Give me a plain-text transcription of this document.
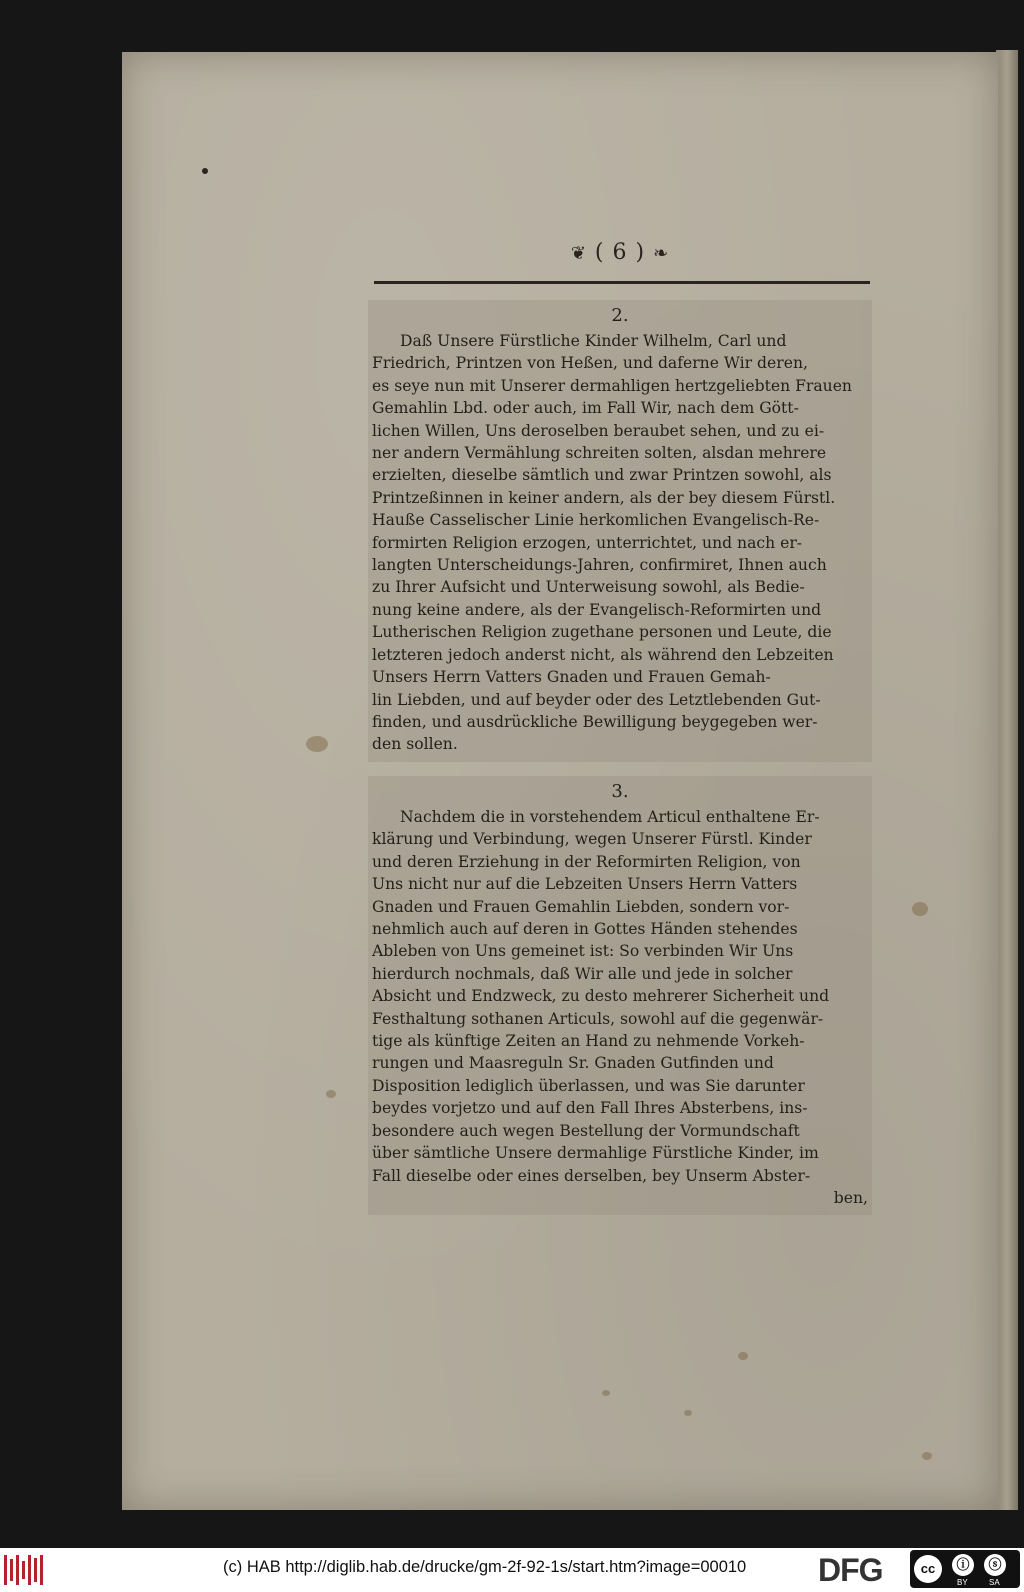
❦ ( 6 ) ❧
2.
Daß Unsere Fürstliche Kinder Wilhelm, Carl und
Friedrich, Printzen von Heßen, und daferne Wir deren,
es seye nun mit Unserer dermahligen hertzgeliebten Frauen
Gemahlin Lbd. oder auch, im Fall Wir, nach dem Gött-
lichen Willen, Uns deroselben beraubet sehen, und zu ei-
ner andern Vermählung schreiten solten, alsdan mehrere
erzielten, dieselbe sämtlich und zwar Printzen sowohl, als
Printzeßinnen in keiner andern, als der bey diesem Fürstl.
Hauße Casselischer Linie herkomlichen Evangelisch-Re-
formirten Religion erzogen, unterrichtet, und nach er-
langten Unterscheidungs-Jahren, confirmiret, Ihnen auch
zu Ihrer Aufsicht und Unterweisung sowohl, als Bedie-
nung keine andere, als der Evangelisch-Reformirten und
Lutherischen Religion zugethane personen und Leute, die
letzteren jedoch anderst nicht, als während den Lebzeiten
Unsers Herrn Vatters Gnaden und Frauen Gemah-
lin Liebden, und auf beyder oder des Letztlebenden Gut-
finden, und ausdrückliche Bewilligung beygegeben wer-
den sollen.
3.
Nachdem die in vorstehendem Articul enthaltene Er-
klärung und Verbindung, wegen Unserer Fürstl. Kinder
und deren Erziehung in der Reformirten Religion, von
Uns nicht nur auf die Lebzeiten Unsers Herrn Vatters
Gnaden und Frauen Gemahlin Liebden, sondern vor-
nehmlich auch auf deren in Gottes Händen stehendes
Ableben von Uns gemeinet ist: So verbinden Wir Uns
hierdurch nochmals, daß Wir alle und jede in solcher
Absicht und Endzweck, zu desto mehrerer Sicherheit und
Festhaltung sothanen Articuls, sowohl auf die gegenwär-
tige als künftige Zeiten an Hand zu nehmende Vorkeh-
rungen und Maasreguln Sr. Gnaden Gutfinden und
Disposition lediglich überlassen, und was Sie darunter
beydes vorjetzo und auf den Fall Ihres Absterbens, ins-
besondere auch wegen Bestellung der Vormundschaft
über sämtliche Unsere dermahlige Fürstliche Kinder, im
Fall dieselbe oder eines derselben, bey Unserm Abster-
ben,
(c) HAB http://diglib.hab.de/drucke/gm-2f-92-1s/start.htm?image=00010 DFG	cc	ⓘ	ⓢ
BY	SA
